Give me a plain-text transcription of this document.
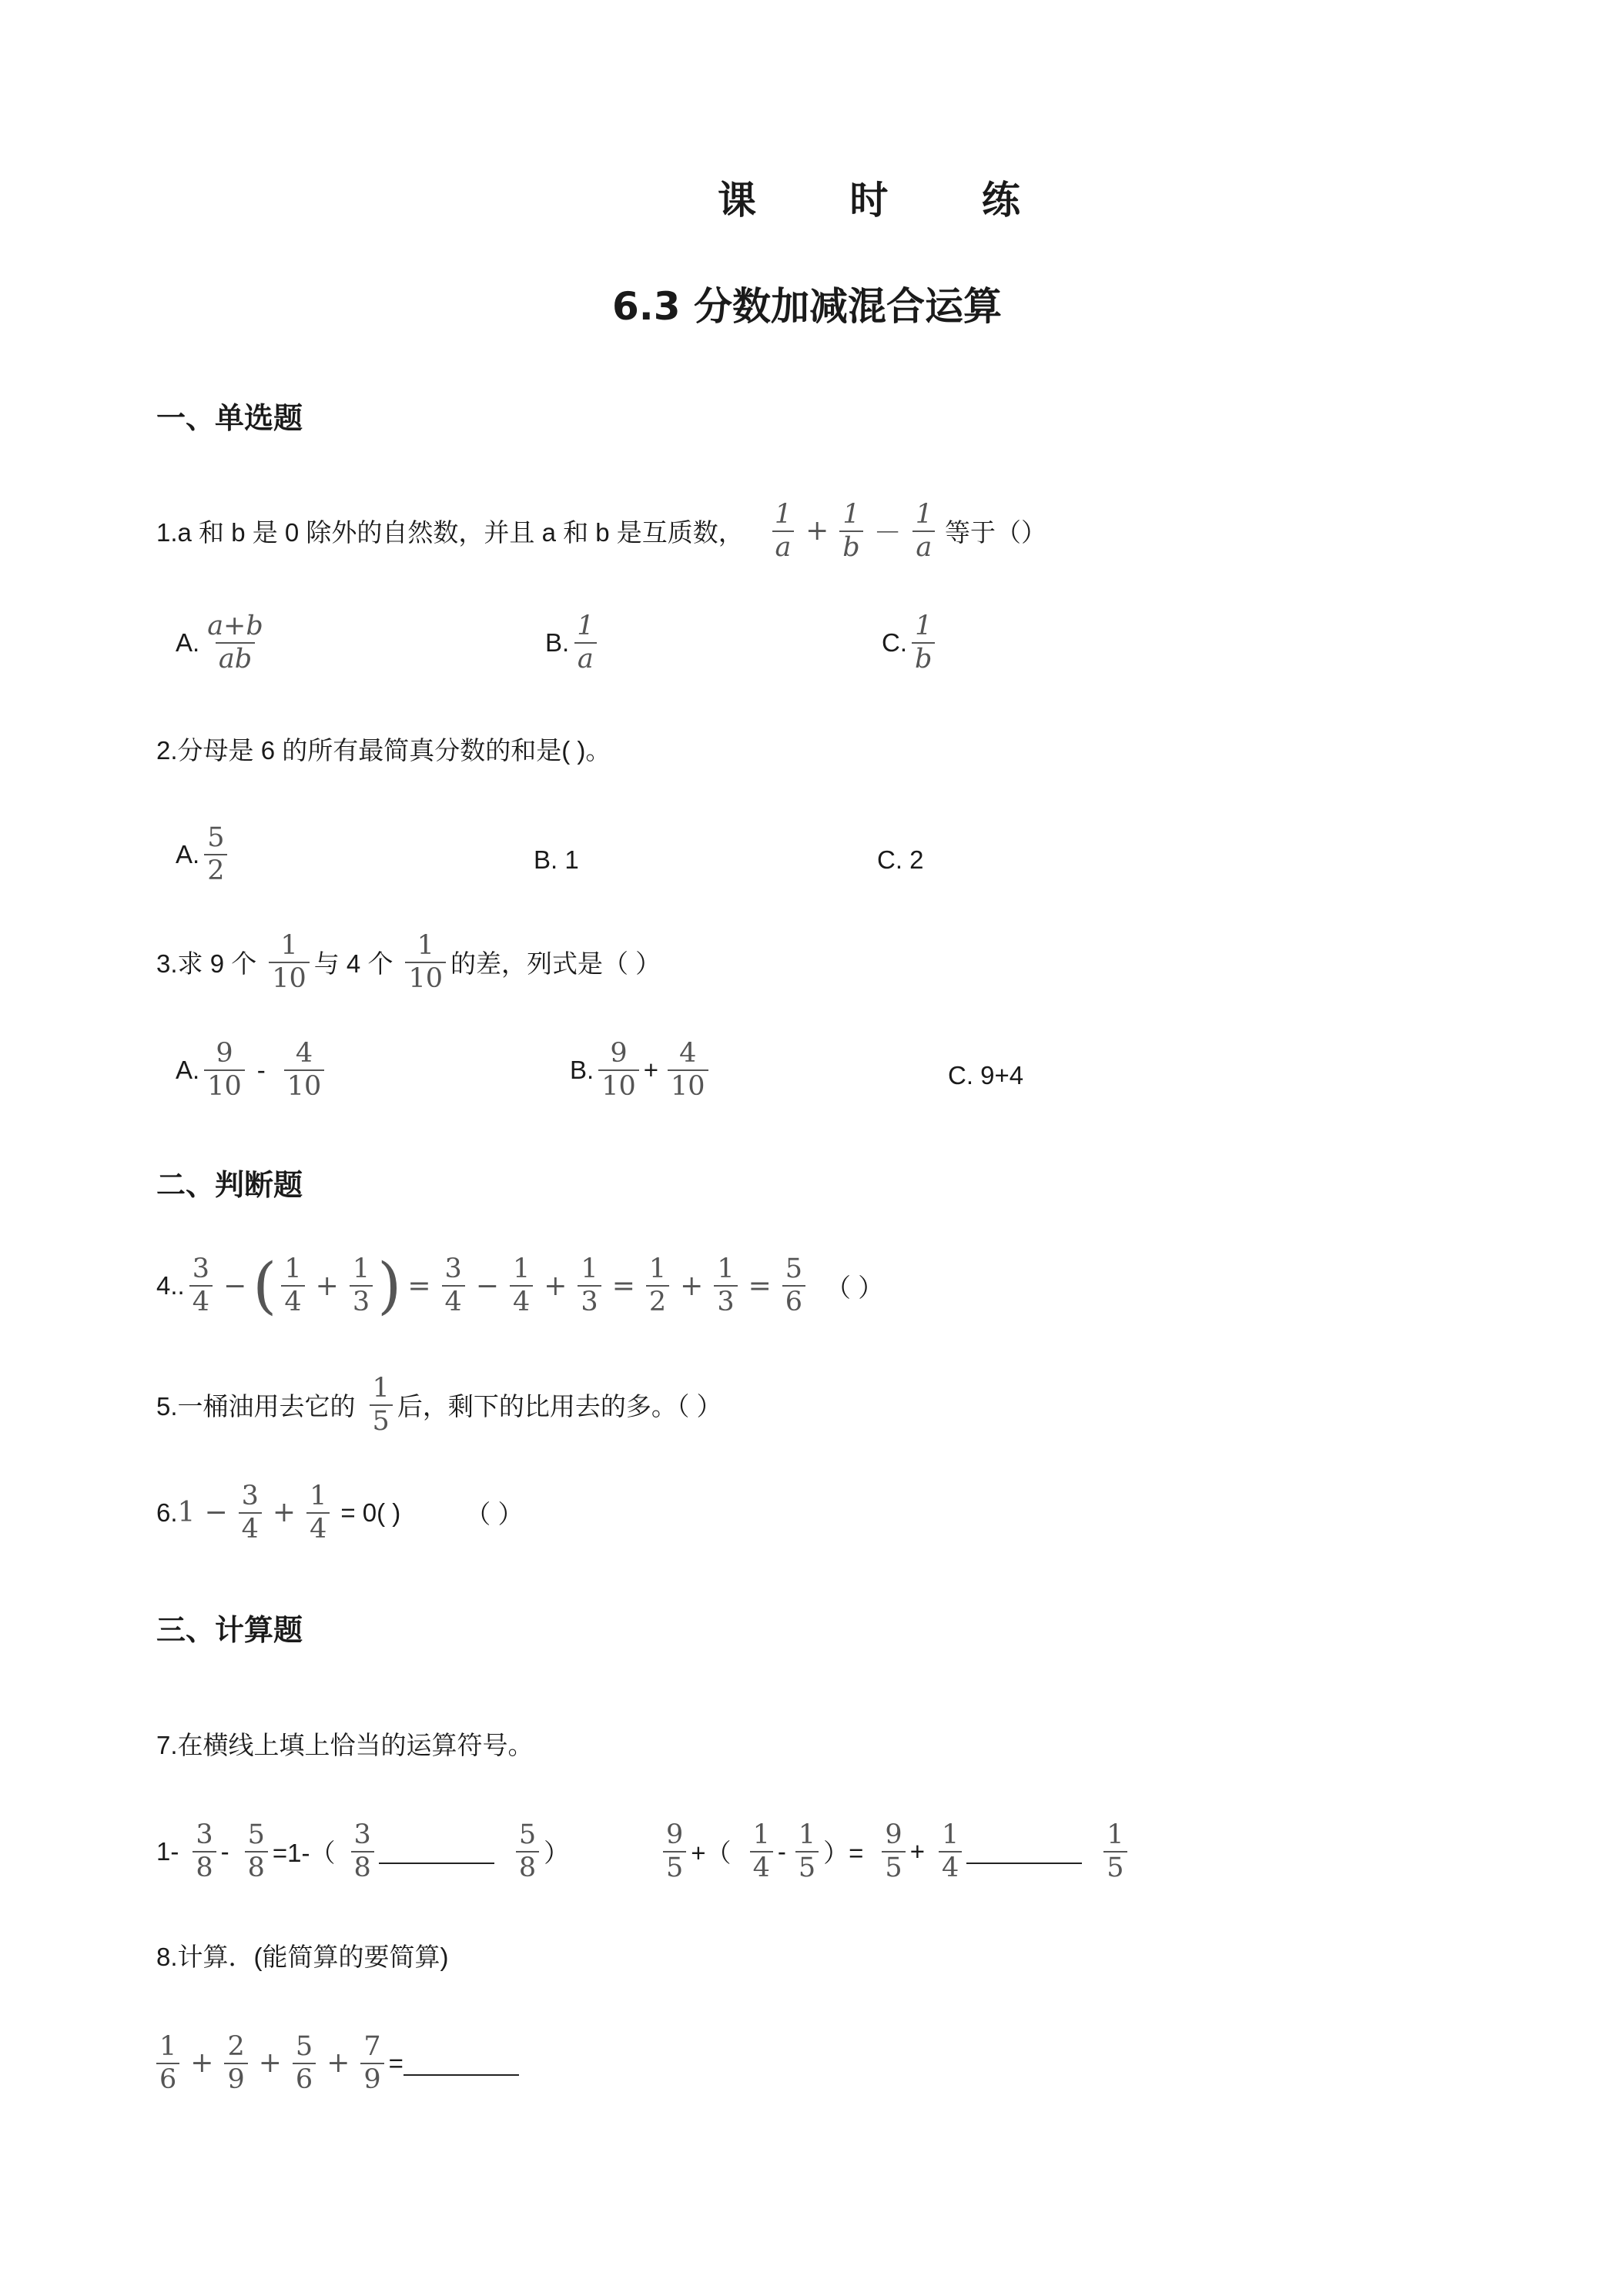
课 时 练
6.3 分数加减混合运算
一、单选题
1.a 和 b 是 0 除外的自然数，并且 a 和 b 是互质数， $\frac{1}{a} + \frac{1}{b} - \frac{1}{a}$ 等于（）
A. $\frac{a+b}{ab}$	B. $\frac{1}{a}$	C. $\frac{1}{b}$
2.分母是 6 的所有最简真分数的和是( )。
A. $\frac{5}{2}$	B. 1	C. 2
3.求 9 个 $\frac{1}{10}$ 与 4 个 $\frac{1}{10}$ 的差，列式是（ ）
A. $\frac{9}{10} - \frac{4}{10}$	B. $\frac{9}{10} + \frac{4}{10}$	C. 9+4
二、判断题
4.. $\frac{3}{4}$ − ( $\frac{1}{4} + \frac{1}{3}$ ) = $\frac{3}{4} - \frac{1}{4} + \frac{1}{3} = \frac{1}{2} + \frac{1}{3} = \frac{5}{6}$ （ ）
5.一桶油用去它的 $\frac{1}{5}$ 后，剩下的比用去的多。（ ）
6. $1 - \frac{3}{4} + \frac{1}{4} = 0$( )	（ ）
三、计算题
7.在横线上填上恰当的运算符号。
$1- \frac{3}{8} - \frac{5}{8} =1-( \frac{3}{8}$	$\frac{5}{8}$ ）	$\frac{9}{5}$ +（ $\frac{1}{4} - \frac{1}{5}$ ）= $\frac{9}{5} + \frac{1}{4}$	$\frac{1}{5}$
8.计算．(能简算的要简算)
$\frac{1}{6} + \frac{2}{9} + \frac{5}{6} + \frac{7}{9}$ =
